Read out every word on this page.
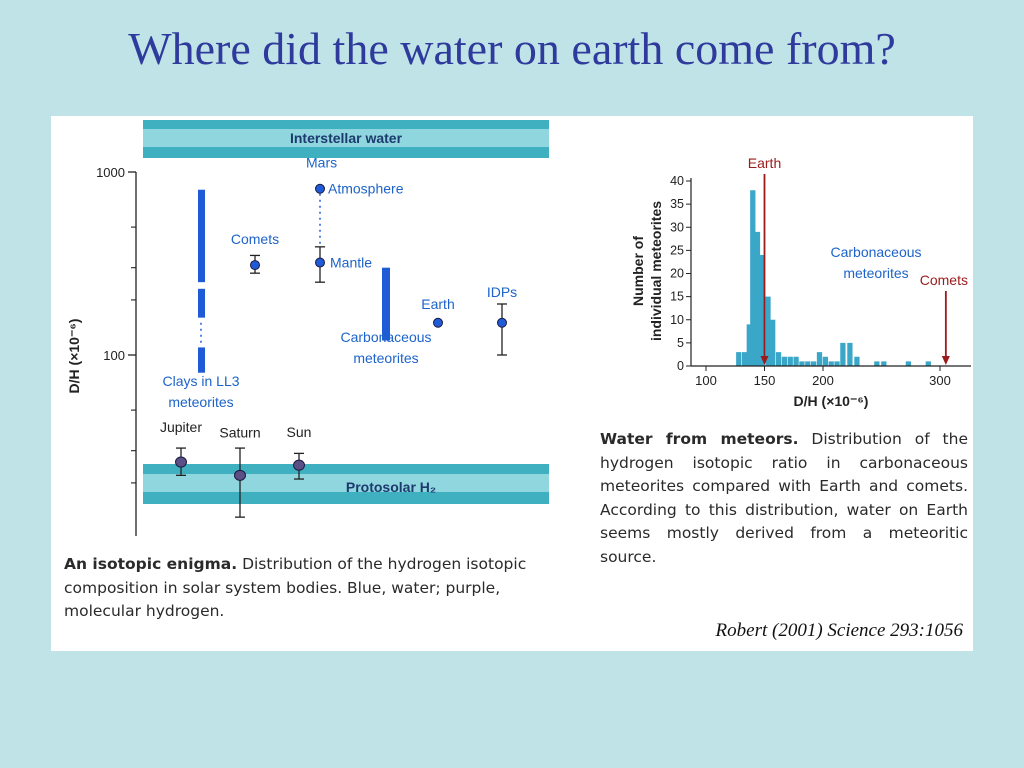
Where did the water on earth come from?
Interstellar water
Protosolar H₂
1000
100
D/H (×10⁻⁶)	Clays in LL3
meteorites
Carbonaceous
meteorites
Comets
Mars
Atmosphere
Mantle
Earth
IDPs
Jupiter Saturn Sun
0
5
10
15
20
25
30
35
40
100	150	200	300
D/H (×10⁻⁶)
Number of individual meteorites	Carbonaceous
meteorites
Earth
Comets
An isotopic enigma. Distribution of the hydrogen isotopic composition in solar system bodies. Blue, water; purple, molecular hydrogen.
Water from meteors. Distribution of the hydrogen isotopic ratio in carbonaceous meteorites compared with Earth and comets. According to this distribution, water on Earth seems mostly derived from a meteoritic source.
Robert (2001) Science 293:1056
